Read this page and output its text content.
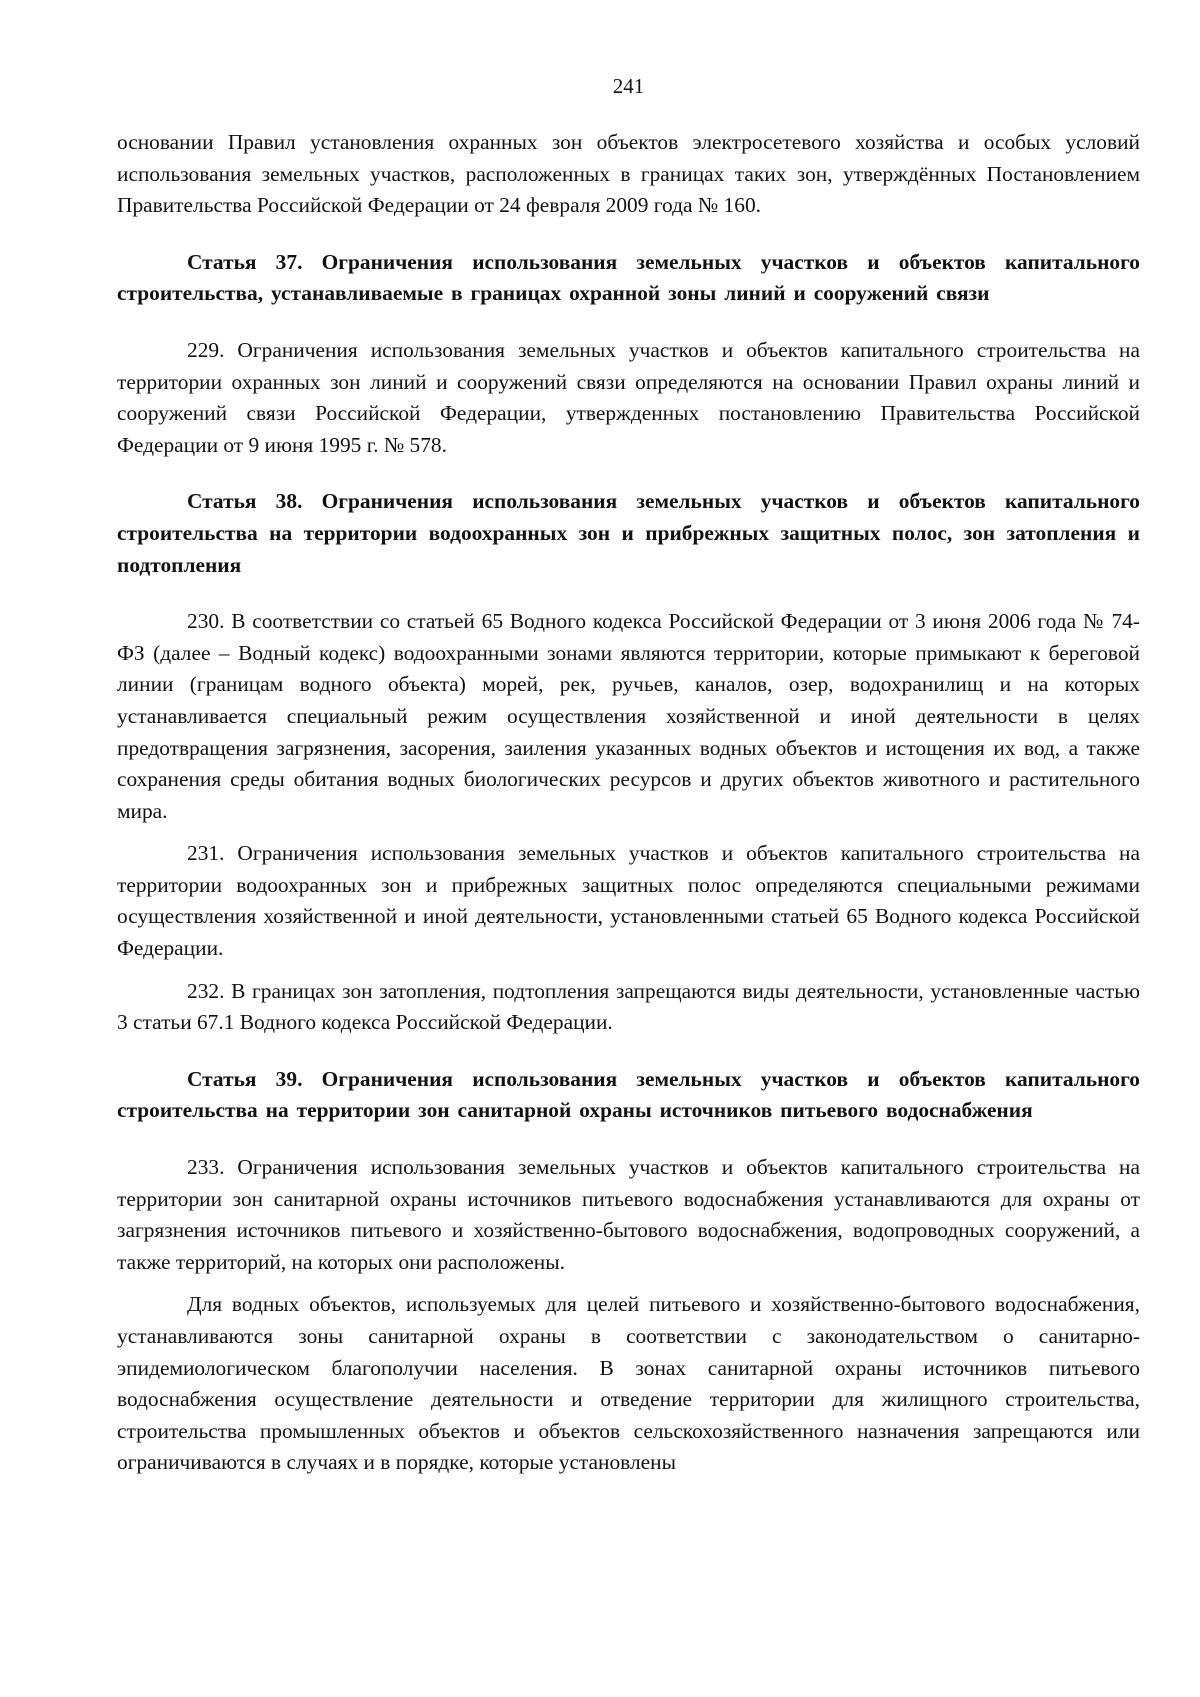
241

основании Правил установления охранных зон объектов электросетевого хозяйства и особых условий использования земельных участков, расположенных в границах таких зон, утверждённых Постановлением Правительства Российской Федерации от 24 февраля 2009 года № 160.

Статья 37. Ограничения использования земельных участков и объектов капитального строительства, устанавливаемые в границах охранной зоны линий и сооружений связи

229. Ограничения использования земельных участков и объектов капитального строительства на территории охранных зон линий и сооружений связи определяются на основании Правил охраны линий и сооружений связи Российской Федерации, утвержденных постановлению Правительства Российской Федерации от 9 июня 1995 г. № 578.

Статья 38. Ограничения использования земельных участков и объектов капитального строительства на территории водоохранных зон и прибрежных защитных полос, зон затопления и подтопления

230. В соответствии со статьей 65 Водного кодекса Российской Федерации от 3 июня 2006 года № 74-ФЗ (далее – Водный кодекс) водоохранными зонами являются территории, которые примыкают к береговой линии (границам водного объекта) морей, рек, ручьев, каналов, озер, водохранилищ и на которых устанавливается специальный режим осуществления хозяйственной и иной деятельности в целях предотвращения загрязнения, засорения, заиления указанных водных объектов и истощения их вод, а также сохранения среды обитания водных биологических ресурсов и других объектов животного и растительного мира.

231. Ограничения использования земельных участков и объектов капитального строительства на территории водоохранных зон и прибрежных защитных полос определяются специальными режимами осуществления хозяйственной и иной деятельности, установленными статьей 65 Водного кодекса Российской Федерации.

232. В границах зон затопления, подтопления запрещаются виды деятельности, установленные частью 3 статьи 67.1 Водного кодекса Российской Федерации.

Статья 39. Ограничения использования земельных участков и объектов капитального строительства на территории зон санитарной охраны источников питьевого водоснабжения

233. Ограничения использования земельных участков и объектов капитального строительства на территории зон санитарной охраны источников питьевого водоснабжения устанавливаются для охраны от загрязнения источников питьевого и хозяйственно-бытового водоснабжения, водопроводных сооружений, а также территорий, на которых они расположены.

Для водных объектов, используемых для целей питьевого и хозяйственно-бытового водоснабжения, устанавливаются зоны санитарной охраны в соответствии с законодательством о санитарно-эпидемиологическом благополучии населения. В зонах санитарной охраны источников питьевого водоснабжения осуществление деятельности и отведение территории для жилищного строительства, строительства промышленных объектов и объектов сельскохозяйственного назначения запрещаются или ограничиваются в случаях и в порядке, которые установлены
